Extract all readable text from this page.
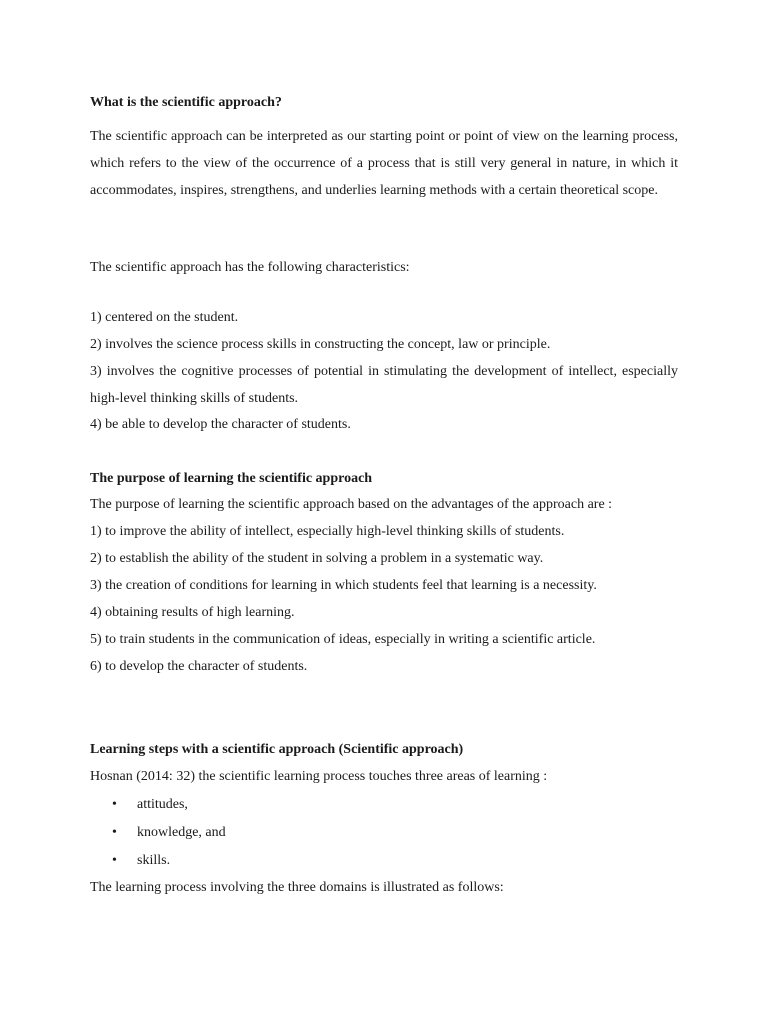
What is the scientific approach?
The scientific approach can be interpreted as our starting point or point of view on the learning process, which refers to the view of the occurrence of a process that is still very general in nature, in which it accommodates, inspires, strengthens, and underlies learning methods with a certain theoretical scope.
The scientific approach has the following characteristics:
1) centered on the student.
2) involves the science process skills in constructing the concept, law or principle.
3) involves the cognitive processes of potential in stimulating the development of intellect, especially high-level thinking skills of students.
4) be able to develop the character of students.
The purpose of learning the scientific approach
The purpose of learning the scientific approach based on the advantages of the approach are :
1) to improve the ability of intellect, especially high-level thinking skills of students.
2) to establish the ability of the student in solving a problem in a systematic way.
3) the creation of conditions for learning in which students feel that learning is a necessity.
4) obtaining results of high learning.
5) to train students in the communication of ideas, especially in writing a scientific article.
6) to develop the character of students.
Learning steps with a scientific approach (Scientific approach)
Hosnan (2014: 32) the scientific learning process touches three areas of learning :
• attitudes,
• knowledge, and
• skills.
The learning process involving the three domains is illustrated as follows:
